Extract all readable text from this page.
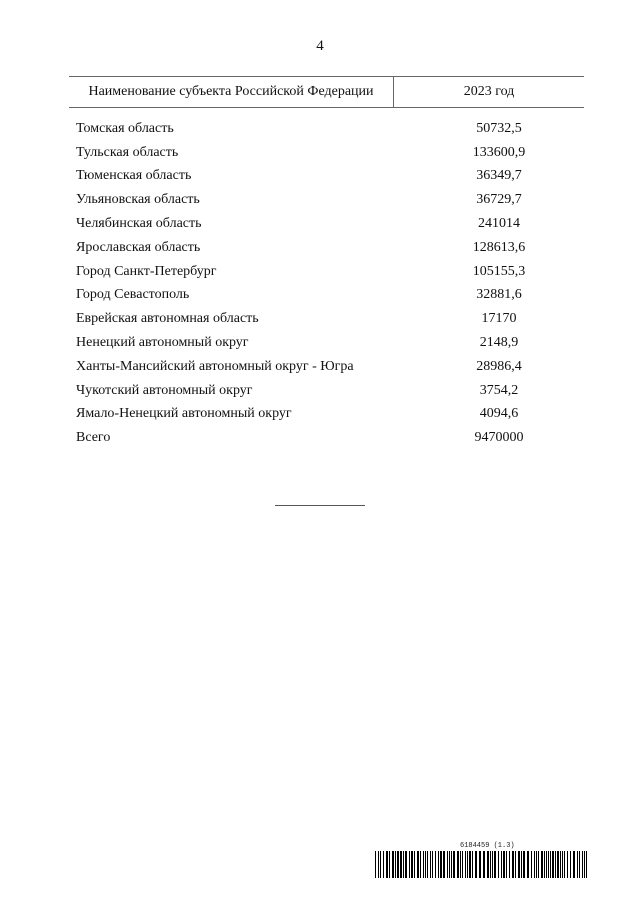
4
Наименование субъекта Российской Федерации	2023 год
Томская область	50732,5
Тульская область	133600,9
Тюменская область	36349,7
Ульяновская область	36729,7
Челябинская область	241014
Ярославская область	128613,6
Город Санкт-Петербург	105155,3
Город Севастополь	32881,6
Еврейская автономная область	17170
Ненецкий автономный округ	2148,9
Ханты-Мансийский автономный округ - Югра	28986,4
Чукотский автономный округ	3754,2
Ямало-Ненецкий автономный округ	4094,6
Всего	9470000
6184459 (1.3)
